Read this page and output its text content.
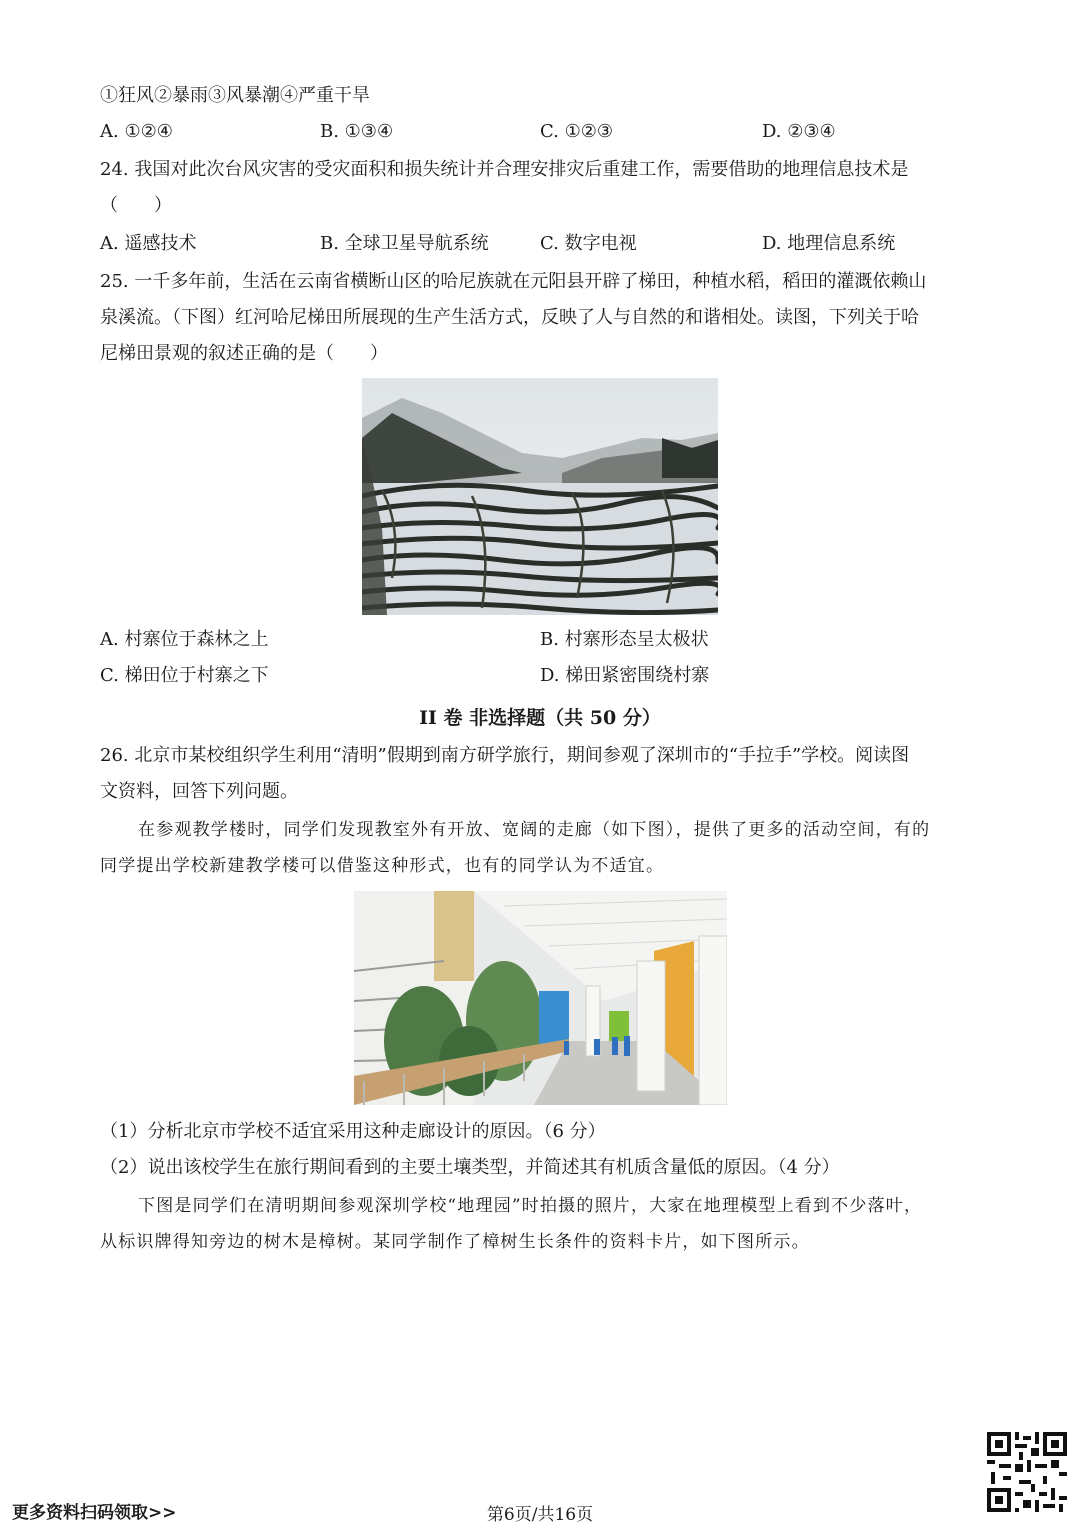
①狂风②暴雨③风暴潮④严重干旱
A. ①②④	B. ①③④	C. ①②③	D. ②③④
24. 我国对此次台风灾害的受灾面积和损失统计并合理安排灾后重建工作，需要借助的地理信息技术是
（　　）
A. 遥感技术	B. 全球卫星导航系统	C. 数字电视	D. 地理信息系统
25. 一千多年前，生活在云南省横断山区的哈尼族就在元阳县开辟了梯田，种植水稻，稻田的灌溉依赖山
泉溪流。（下图）红河哈尼梯田所展现的生产生活方式，反映了人与自然的和谐相处。读图，下列关于哈
尼梯田景观的叙述正确的是（　　）
A. 村寨位于森林之上	B. 村寨形态呈太极状
C. 梯田位于村寨之下	D. 梯田紧密围绕村寨
II 卷 非选择题（共 50 分）
26. 北京市某校组织学生利用“清明”假期到南方研学旅行，期间参观了深圳市的“手拉手”学校。阅读图
文资料，回答下列问题。
在参观教学楼时，同学们发现教室外有开放、宽阔的走廊（如下图），提供了更多的活动空间，有的
同学提出学校新建教学楼可以借鉴这种形式，也有的同学认为不适宜。
（1）分析北京市学校不适宜采用这种走廊设计的原因。（6 分）
（2）说出该校学生在旅行期间看到的主要土壤类型，并简述其有机质含量低的原因。（4 分）
下图是同学们在清明期间参观深圳学校“地理园”时拍摄的照片，大家在地理模型上看到不少落叶，
从标识牌得知旁边的树木是樟树。某同学制作了樟树生长条件的资料卡片，如下图所示。
更多资料扫码领取>>	第6页/共16页
